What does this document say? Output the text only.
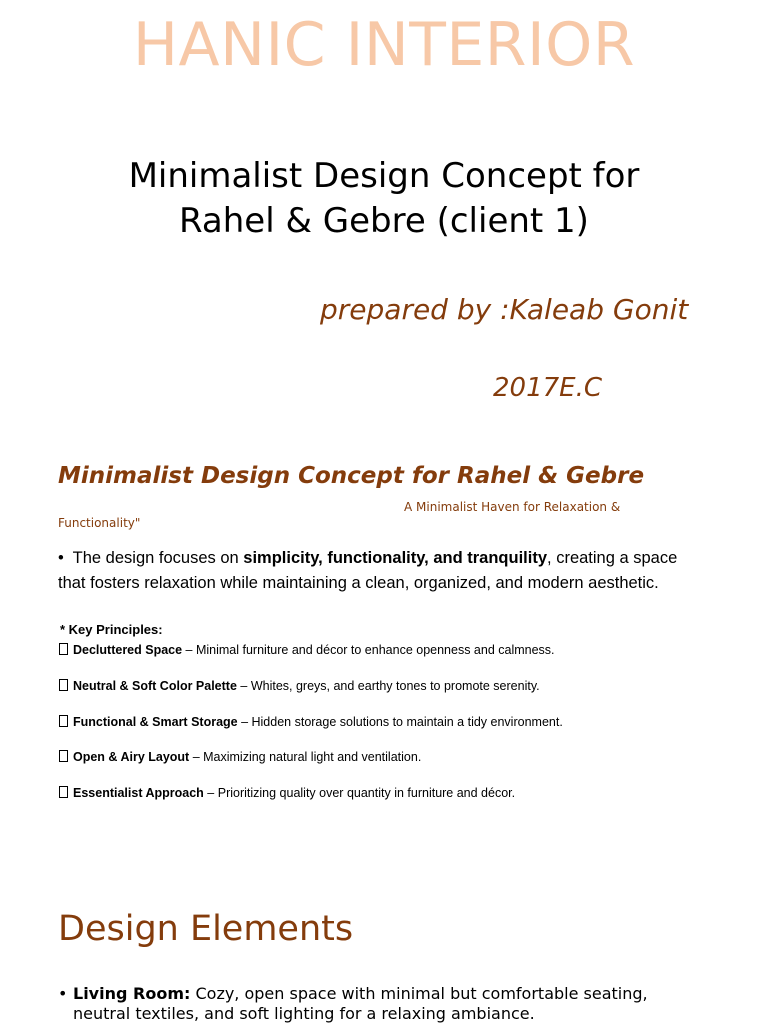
HANIC INTERIOR
Minimalist Design Concept for
Rahel & Gebre (client 1)

prepared by :Kaleab Gonit

2017E.C

Minimalist Design Concept for Rahel & Gebre
A Minimalist Haven for Relaxation &
Functionality"

• The design focuses on simplicity, functionality, and tranquility, creating a space that fosters relaxation while maintaining a clean, organized, and modern aesthetic.

* Key Principles:

Decluttered Space – Minimal furniture and décor to enhance openness and calmness.
Neutral & Soft Color Palette – Whites, greys, and earthy tones to promote serenity.
Functional & Smart Storage – Hidden storage solutions to maintain a tidy environment.
Open & Airy Layout – Maximizing natural light and ventilation.
Essentialist Approach – Prioritizing quality over quantity in furniture and décor.
Design Elements
• Living Room: Cozy, open space with minimal but comfortable seating, neutral textiles, and soft lighting for a relaxing ambiance.
